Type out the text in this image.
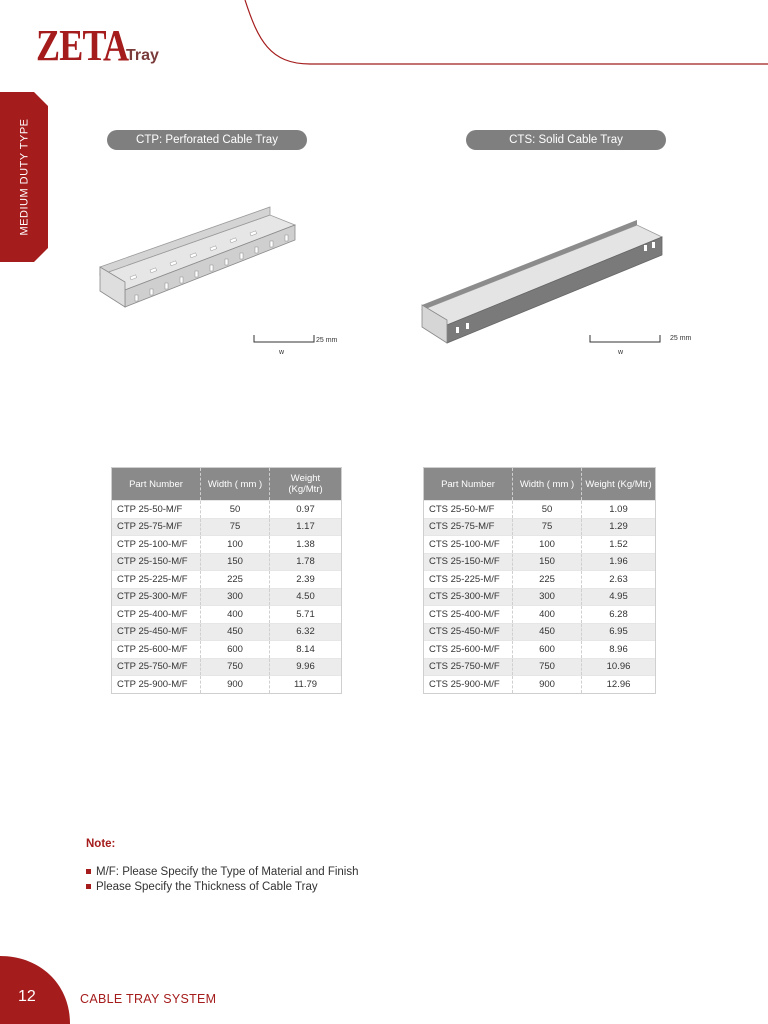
ZETA
Tray
MEDIUM DUTY TYPE	CTP: Perforated Cable Tray	CTS: Solid Cable Tray
25 mm
w
25 mm
w
Part Number	Width ( mm )	Weight (Kg/Mtr)
CTP 25-50-M/F	50	0.97
CTP 25-75-M/F	75	1.17
CTP 25-100-M/F	100	1.38
CTP 25-150-M/F	150	1.78
CTP 25-225-M/F	225	2.39
CTP 25-300-M/F	300	4.50
CTP 25-400-M/F	400	5.71
CTP 25-450-M/F	450	6.32
CTP 25-600-M/F	600	8.14
CTP 25-750-M/F	750	9.96
CTP 25-900-M/F	900	11.79
Part Number	Width ( mm )	Weight (Kg/Mtr)
CTS 25-50-M/F	50	1.09
CTS 25-75-M/F	75	1.29
CTS 25-100-M/F	100	1.52
CTS 25-150-M/F	150	1.96
CTS 25-225-M/F	225	2.63
CTS 25-300-M/F	300	4.95
CTS 25-400-M/F	400	6.28
CTS 25-450-M/F	450	6.95
CTS 25-600-M/F	600	8.96
CTS 25-750-M/F	750	10.96
CTS 25-900-M/F	900	12.96
Note:
M/F: Please Specify the Type of Material and Finish
Please Specify the Thickness of Cable Tray
12	CABLE TRAY SYSTEM
